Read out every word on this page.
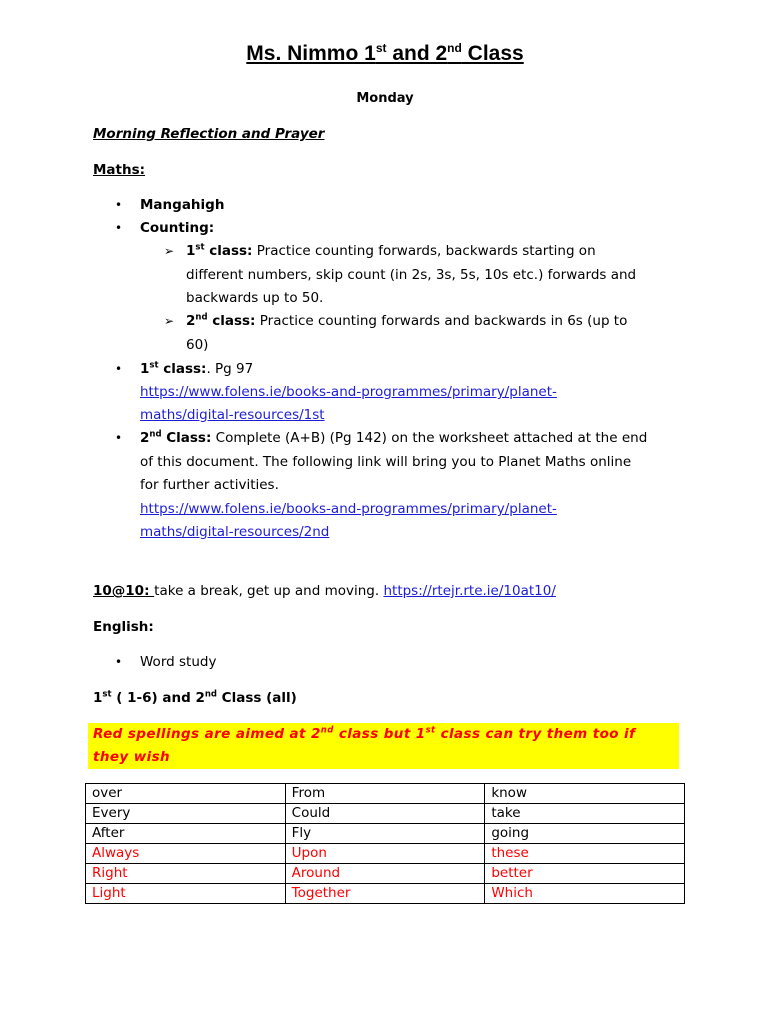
Ms. Nimmo 1st and 2nd Class
Monday
Morning Reflection and Prayer
Maths:
• Mangahigh
• Counting:
➢ 1st class: Practice counting forwards, backwards starting on
different numbers, skip count (in 2s, 3s, 5s, 10s etc.) forwards and
backwards up to 50.
➢ 2nd class: Practice counting forwards and backwards in 6s (up to
60)
• 1st class:. Pg 97
https://www.folens.ie/books-and-programmes/primary/planet-
maths/digital-resources/1st
• 2nd Class: Complete (A+B) (Pg 142) on the worksheet attached at the end
of this document. The following link will bring you to Planet Maths online
for further activities.
https://www.folens.ie/books-and-programmes/primary/planet-
maths/digital-resources/2nd
10@10: take a break, get up and moving. https://rtejr.rte.ie/10at10/
English:
• Word study
1st ( 1-6) and 2nd Class (all)
Red spellings are aimed at 2nd class but 1st class can try them too if they wish
over	From	know
Every	Could	take
After	Fly	going
Always	Upon	these
Right	Around	better
Light	Together	Which
